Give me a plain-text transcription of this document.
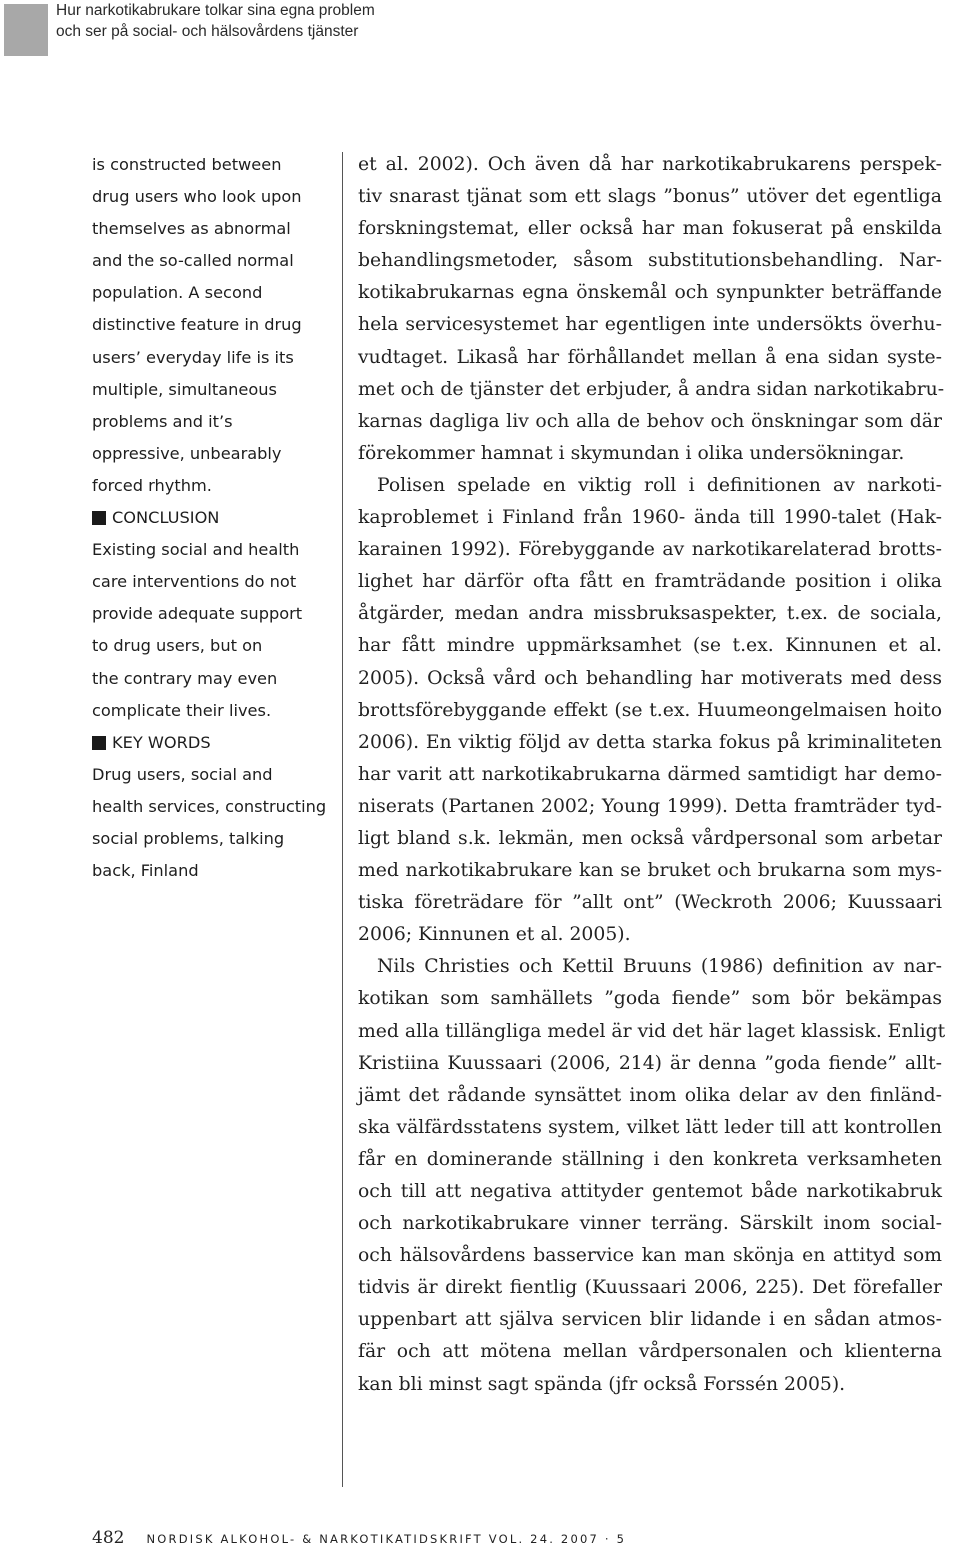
Hur narkotikabrukare tolkar sina egna problem
och ser på social- och hälsovårdens tjänster
is constructed between
drug users who look upon
themselves as abnormal
and the so-called normal
population. A second
distinctive feature in drug
users’ everyday life is its
multiple, simultaneous
problems and it’s
oppressive, unbearably
forced rhythm.
CONCLUSION
Existing social and health
care interventions do not
provide adequate support
to drug users, but on
the contrary may even
complicate their lives.
KEY WORDS
Drug users, social and
health services, constructing
social problems, talking
back, Finland
et al. 2002). Och även då har narkotikabrukarens perspek-
tiv snarast tjänat som ett slags ”bonus” utöver det egentliga
forskningstemat, eller också har man fokuserat på enskilda
behandlingsmetoder, såsom substitutionsbehandling. Nar-
kotikabrukarnas egna önskemål och synpunkter beträffande
hela servicesystemet har egentligen inte undersökts överhu-
vudtaget. Likaså har förhållandet mellan å ena sidan syste-
met och de tjänster det erbjuder, å andra sidan narkotikabru-
karnas dagliga liv och alla de behov och önskningar som där
förekommer hamnat i skymundan i olika undersökningar.
Polisen spelade en viktig roll i definitionen av narkoti-
kaproblemet i Finland från 1960- ända till 1990-talet (Hak-
karainen 1992). Förebyggande av narkotikarelaterad brotts-
lighet har därför ofta fått en framträdande position i olika
åtgärder, medan andra missbruksaspekter, t.ex. de sociala,
har fått mindre uppmärksamhet (se t.ex. Kinnunen et al.
2005). Också vård och behandling har motiverats med dess
brottsförebyggande effekt (se t.ex. Huumeongelmaisen hoito
2006). En viktig följd av detta starka fokus på kriminaliteten
har varit att narkotikabrukarna därmed samtidigt har demo-
niserats (Partanen 2002; Young 1999). Detta framträder tyd-
ligt bland s.k. lekmän, men också vårdpersonal som arbetar
med narkotikabrukare kan se bruket och brukarna som mys-
tiska företrädare för ”allt ont” (Weckroth 2006; Kuussaari
2006; Kinnunen et al. 2005).
Nils Christies och Kettil Bruuns (1986) definition av nar-
kotikan som samhällets ”goda fiende” som bör bekämpas
med alla tillängliga medel är vid det här laget klassisk. Enligt
Kristiina Kuussaari (2006, 214) är denna ”goda fiende” allt-
jämt det rådande synsättet inom olika delar av den finländ-
ska välfärdsstatens system, vilket lätt leder till att kontrollen
får en dominerande ställning i den konkreta verksamheten
och till att negativa attityder gentemot både narkotikabruk
och narkotikabrukare vinner terräng. Särskilt inom social-
och hälsovårdens basservice kan man skönja en attityd som
tidvis är direkt fientlig (Kuussaari 2006, 225). Det förefaller
uppenbart att själva servicen blir lidande i en sådan atmos-
fär och att mötena mellan vårdpersonalen och klienterna
kan bli minst sagt spända (jfr också Forssén 2005).
482 NORDISK ALKOHOL- & NARKOTIKATIDSKRIFT VOL. 24. 2007 · 5
